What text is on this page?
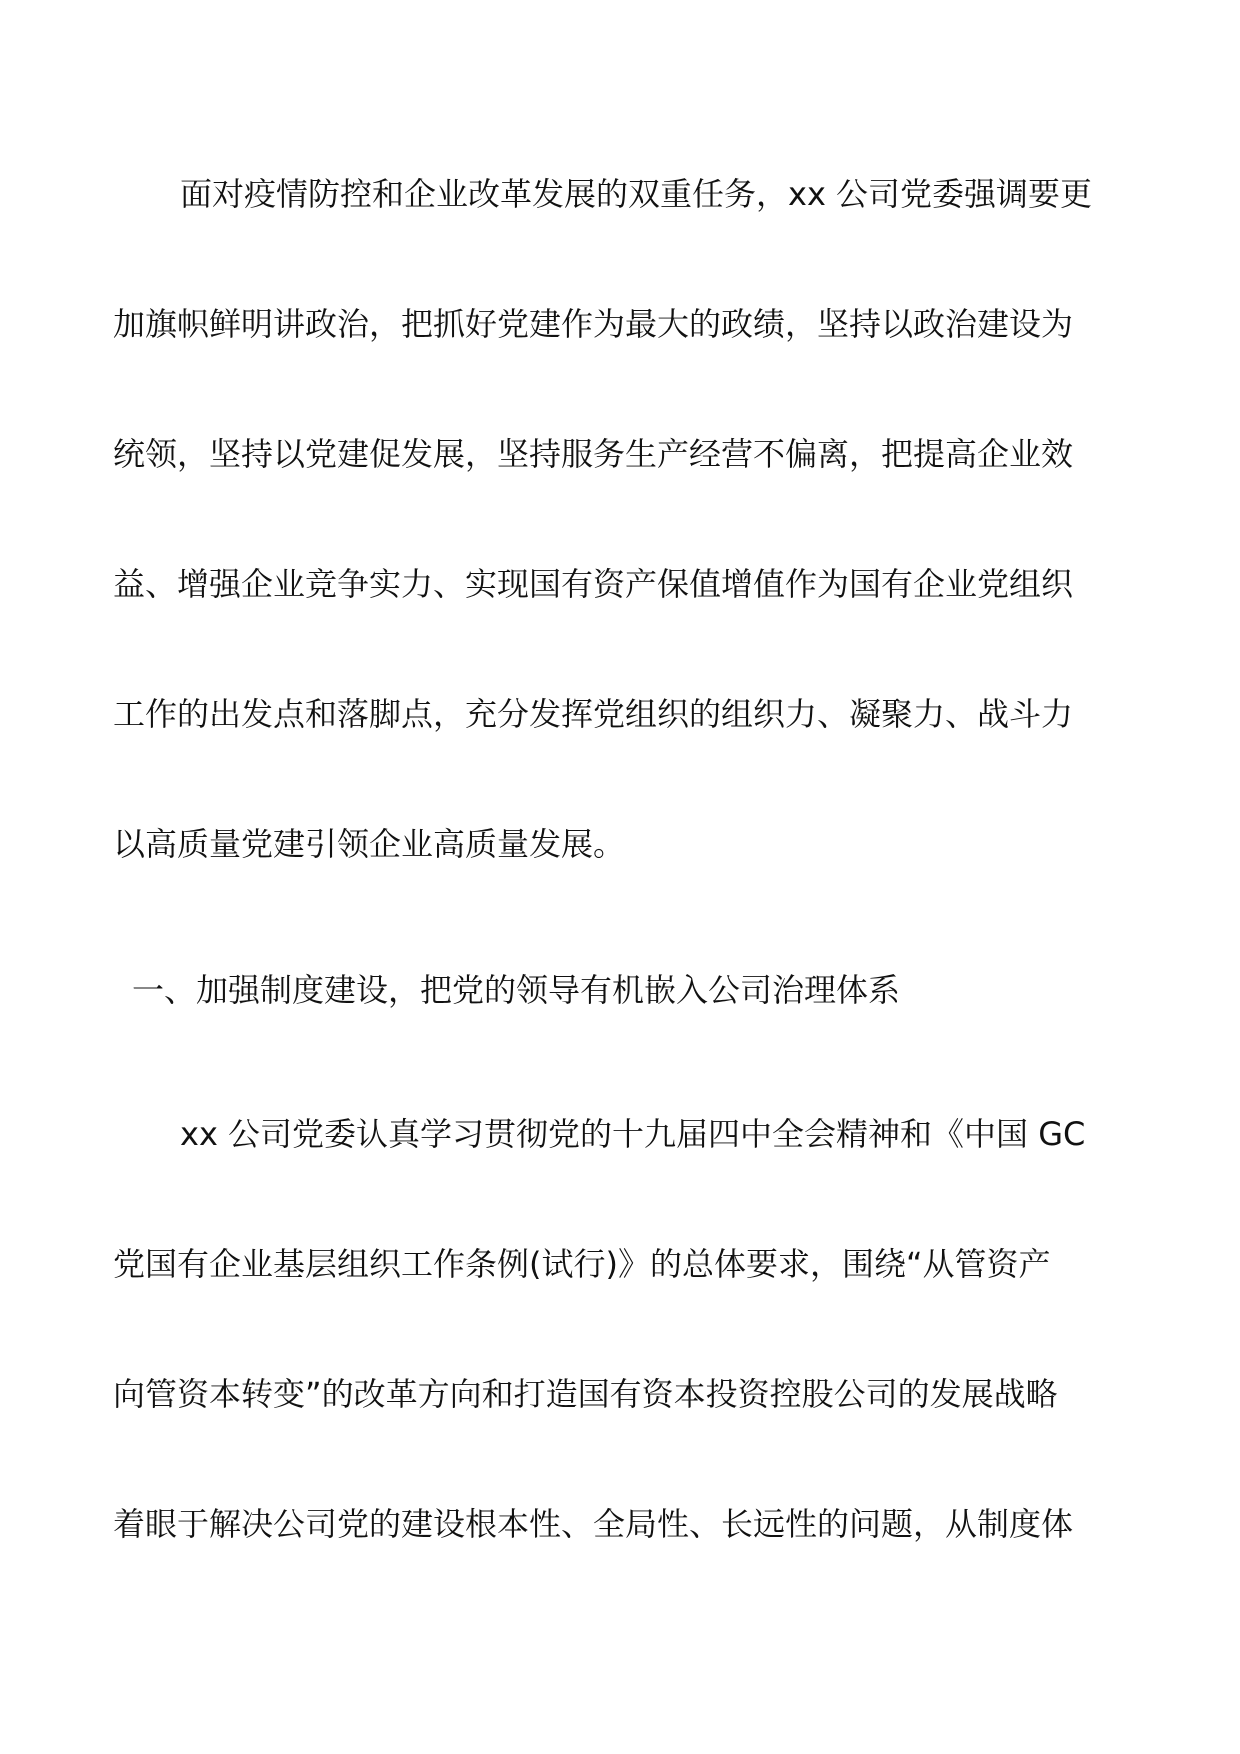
面对疫情防控和企业改革发展的双重任务，xx 公司党委强调要更
加旗帜鲜明讲政治，把抓好党建作为最大的政绩，坚持以政治建设为
统领，坚持以党建促发展，坚持服务生产经营不偏离，把提高企业效
益、增强企业竞争实力、实现国有资产保值增值作为国有企业党组织
工作的出发点和落脚点，充分发挥党组织的组织力、凝聚力、战斗力
以高质量党建引领企业高质量发展。
一、加强制度建设，把党的领导有机嵌入公司治理体系
xx 公司党委认真学习贯彻党的十九届四中全会精神和《中国 GC
党国有企业基层组织工作条例(试行)》的总体要求，围绕“从管资产
向管资本转变”的改革方向和打造国有资本投资控股公司的发展战略
着眼于解决公司党的建设根本性、全局性、长远性的问题，从制度体
